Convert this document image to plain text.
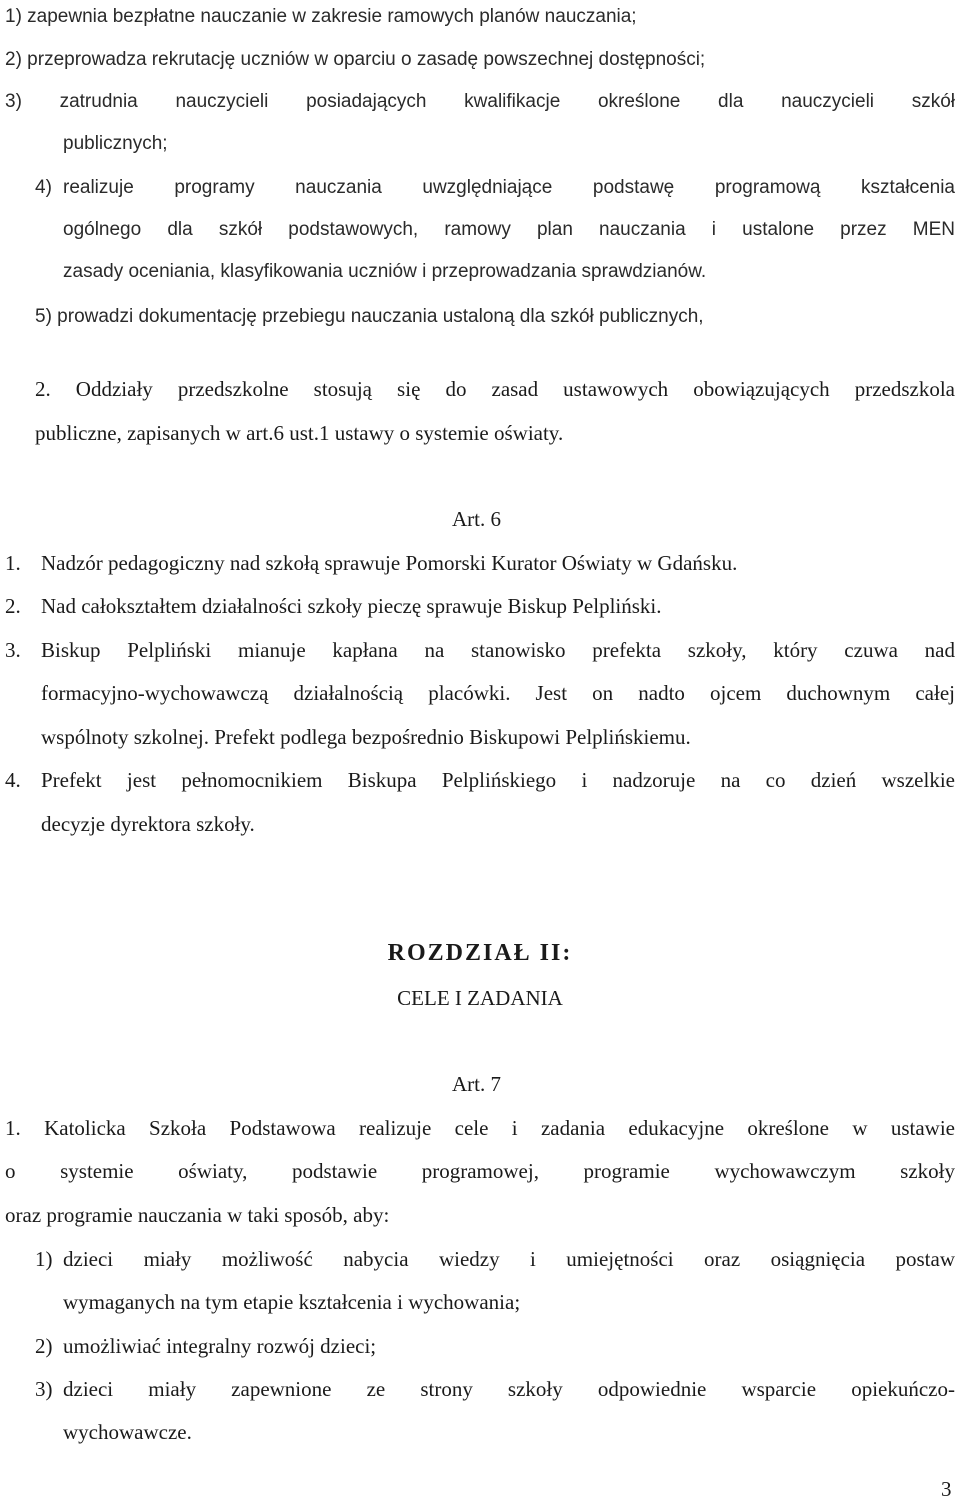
1) zapewnia bezpłatne nauczanie w zakresie ramowych planów nauczania;
2) przeprowadza rekrutację uczniów w oparciu o zasadę powszechnej dostępności;
3) zatrudnia nauczycieli posiadających kwalifikacje określone dla nauczycieli szkół
publicznych;
4) realizuje programy nauczania uwzględniające podstawę programową kształcenia
ogólnego dla szkół podstawowych, ramowy plan nauczania i ustalone przez MEN
zasady oceniania, klasyfikowania uczniów i przeprowadzania sprawdzianów.
5) prowadzi dokumentację przebiegu nauczania ustaloną dla szkół publicznych,
2. Oddziały przedszkolne stosują się do zasad ustawowych obowiązujących przedszkola
publiczne, zapisanych w art.6 ust.1 ustawy o systemie oświaty.
Art. 6
1. Nadzór pedagogiczny nad szkołą sprawuje Pomorski Kurator Oświaty w Gdańsku.
2. Nad całokształtem działalności szkoły pieczę sprawuje Biskup Pelpliński.
3. Biskup Pelpliński mianuje kapłana na stanowisko prefekta szkoły, który czuwa nad
formacyjno-wychowawczą działalnością placówki. Jest on nadto ojcem duchownym całej
wspólnoty szkolnej. Prefekt podlega bezpośrednio Biskupowi Pelplińskiemu.
4. Prefekt jest pełnomocnikiem Biskupa Pelplińskiego i nadzoruje na co dzień wszelkie
decyzje dyrektora szkoły.
ROZDZIAŁ II:
CELE I ZADANIA
Art. 7
1. Katolicka Szkoła Podstawowa realizuje cele i zadania edukacyjne określone w ustawie
o systemie oświaty, podstawie programowej, programie wychowawczym szkoły
oraz programie nauczania w taki sposób, aby:
1) dzieci miały możliwość nabycia wiedzy i umiejętności oraz osiągnięcia postaw
wymaganych na tym etapie kształcenia i wychowania;
2) umożliwiać integralny rozwój dzieci;
3) dzieci miały zapewnione ze strony szkoły odpowiednie wsparcie opiekuńczo-
wychowawcze.
3
